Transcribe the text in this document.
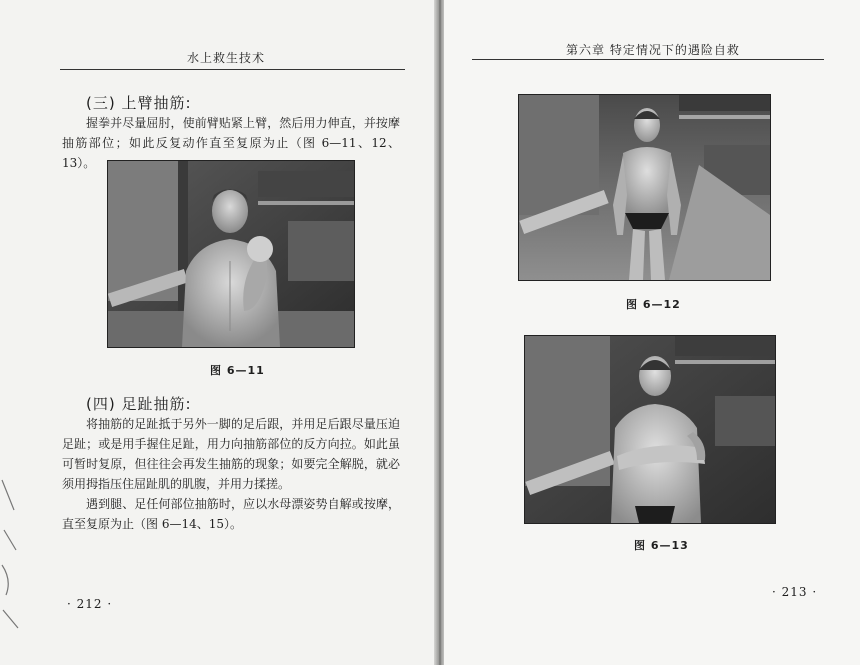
水上救生技术
(三) 上臂抽筋:

握拳并尽量屈肘，使前臂贴紧上臂，然后用力伸直，并按摩抽筋部位；如此反复动作直至复原为止（图 6—11、12、13）。

图 6—11
(四) 足趾抽筋:

将抽筋的足趾抵于另外一脚的足后跟，并用足后跟尽量压迫足趾；或是用手握住足趾，用力向抽筋部位的反方向拉。如此虽可暂时复原，但往往会再发生抽筋的现象；如要完全解脱，就必须用拇指压住屈趾肌的肌腹，并用力揉搓。

遇到腿、足任何部位抽筋时，应以水母漂姿势自解或按摩，直至复原为止（图 6—14、15）。

· 212 ·
第六章 特定情况下的遇险自救
图 6—12
图 6—13
· 213 ·
